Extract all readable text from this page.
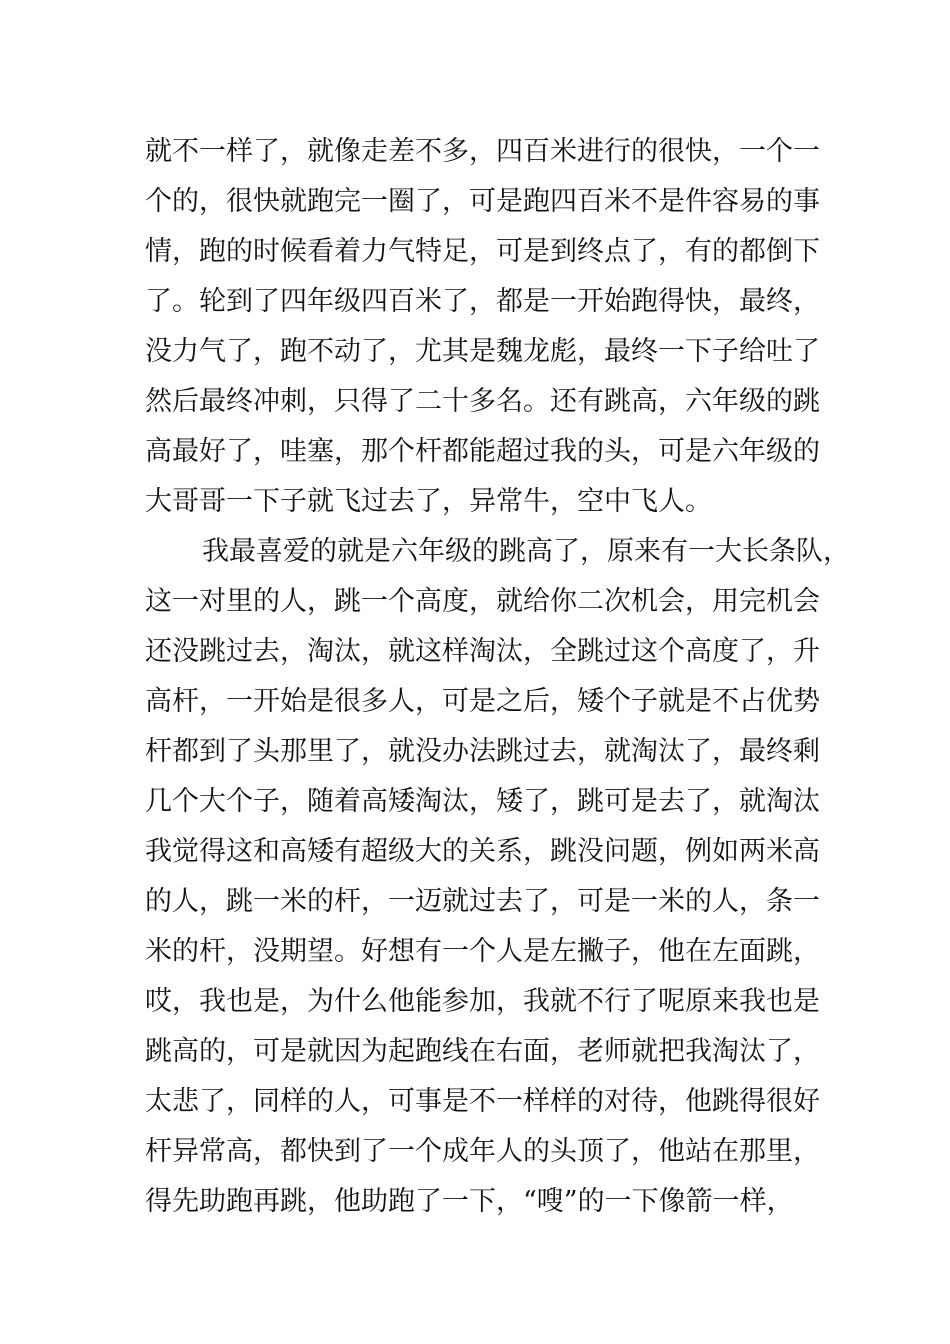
就不一样了，就像走差不多，四百米进行的很快，一个一
个的，很快就跑完一圈了，可是跑四百米不是件容易的事
情，跑的时候看着力气特足，可是到终点了，有的都倒下
了。轮到了四年级四百米了，都是一开始跑得快，最终，
没力气了，跑不动了，尤其是魏龙彪，最终一下子给吐了
然后最终冲刺，只得了二十多名。还有跳高，六年级的跳
高最好了，哇塞，那个杆都能超过我的头，可是六年级的
大哥哥一下子就飞过去了，异常牛，空中飞人。
我最喜爱的就是六年级的跳高了，原来有一大长条队，
这一对里的人，跳一个高度，就给你二次机会，用完机会
还没跳过去，淘汰，就这样淘汰，全跳过这个高度了，升
高杆，一开始是很多人，可是之后，矮个子就是不占优势
杆都到了头那里了，就没办法跳过去，就淘汰了，最终剩
几个大个子，随着高矮淘汰，矮了，跳可是去了，就淘汰
我觉得这和高矮有超级大的关系，跳没问题，例如两米高
的人，跳一米的杆，一迈就过去了，可是一米的人，条一
米的杆，没期望。好想有一个人是左撇子，他在左面跳，
哎，我也是，为什么他能参加，我就不行了呢原来我也是
跳高的，可是就因为起跑线在右面，老师就把我淘汰了，
太悲了，同样的人，可事是不一样样的对待，他跳得很好
杆异常高，都快到了一个成年人的头顶了，他站在那里，
得先助跑再跳，他助跑了一下，“嗖”的一下像箭一样，
